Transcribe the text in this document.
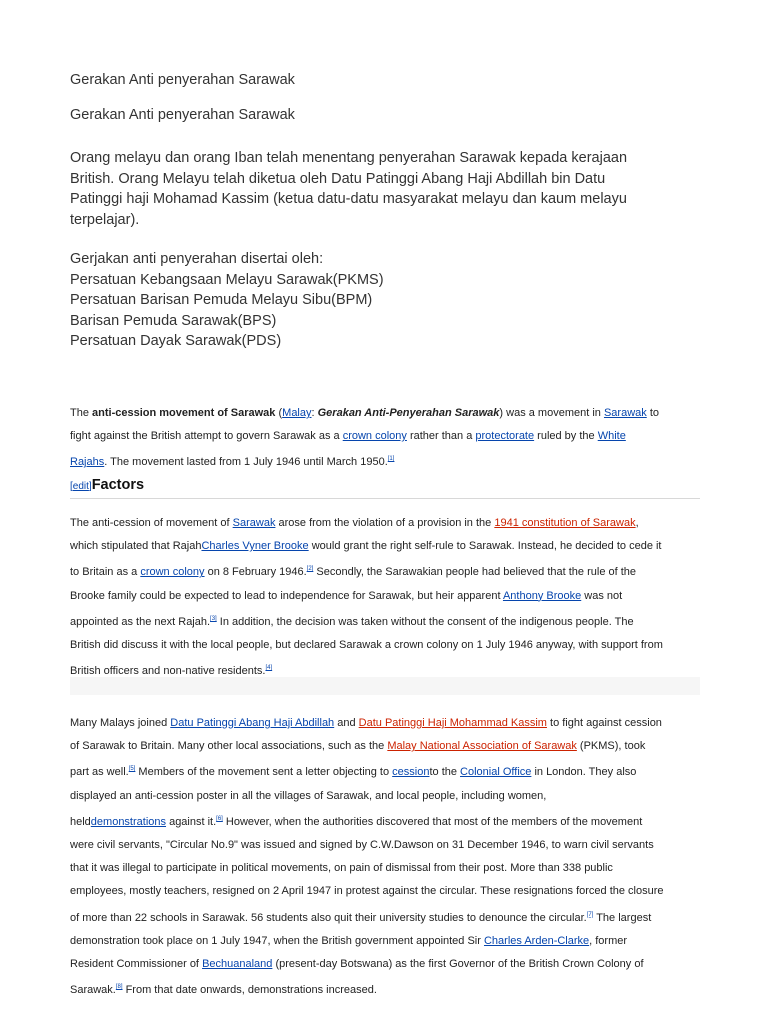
Gerakan Anti penyerahan Sarawak
Gerakan Anti penyerahan Sarawak
Orang melayu dan orang Iban telah menentang penyerahan Sarawak kepada kerajaan
British. Orang Melayu telah diketua oleh Datu Patinggi Abang Haji Abdillah bin Datu
Patinggi haji Mohamad Kassim (ketua datu-datu masyarakat melayu dan kaum melayu
terpelajar).
Gerjakan anti penyerahan disertai oleh:
Persatuan Kebangsaan Melayu Sarawak(PKMS)
Persatuan Barisan Pemuda Melayu Sibu(BPM)
Barisan Pemuda Sarawak(BPS)
Persatuan Dayak Sarawak(PDS)
The anti-cession movement of Sarawak (Malay: Gerakan Anti-Penyerahan Sarawak) was a movement in Sarawak to
fight against the British attempt to govern Sarawak as a crown colony rather than a protectorate ruled by the White
Rajahs. The movement lasted from 1 July 1946 until March 1950.[1]
[edit]Factors
The anti-cession of movement of Sarawak arose from the violation of a provision in the 1941 constitution of Sarawak,
which stipulated that RajahCharles Vyner Brooke would grant the right self-rule to Sarawak. Instead, he decided to cede it
to Britain as a crown colony on 8 February 1946.[2] Secondly, the Sarawakian people had believed that the rule of the
Brooke family could be expected to lead to independence for Sarawak, but heir apparent Anthony Brooke was not
appointed as the next Rajah.[3] In addition, the decision was taken without the consent of the indigenous people. The
British did discuss it with the local people, but declared Sarawak a crown colony on 1 July 1946 anyway, with support from
British officers and non-native residents.[4]
Many Malays joined Datu Patinggi Abang Haji Abdillah and Datu Patinggi Haji Mohammad Kassim to fight against cession
of Sarawak to Britain. Many other local associations, such as the Malay National Association of Sarawak (PKMS), took
part as well.[5] Members of the movement sent a letter objecting to cessionto the Colonial Office in London. They also
displayed an anti-cession poster in all the villages of Sarawak, and local people, including women,
helddemonstrations against it.[6] However, when the authorities discovered that most of the members of the movement
were civil servants, "Circular No.9" was issued and signed by C.W.Dawson on 31 December 1946, to warn civil servants
that it was illegal to participate in political movements, on pain of dismissal from their post. More than 338 public
employees, mostly teachers, resigned on 2 April 1947 in protest against the circular. These resignations forced the closure
of more than 22 schools in Sarawak. 56 students also quit their university studies to denounce the circular.[7] The largest
demonstration took place on 1 July 1947, when the British government appointed Sir Charles Arden-Clarke, former
Resident Commissioner of Bechuanaland (present-day Botswana) as the first Governor of the British Crown Colony of
Sarawak.[8] From that date onwards, demonstrations increased.
